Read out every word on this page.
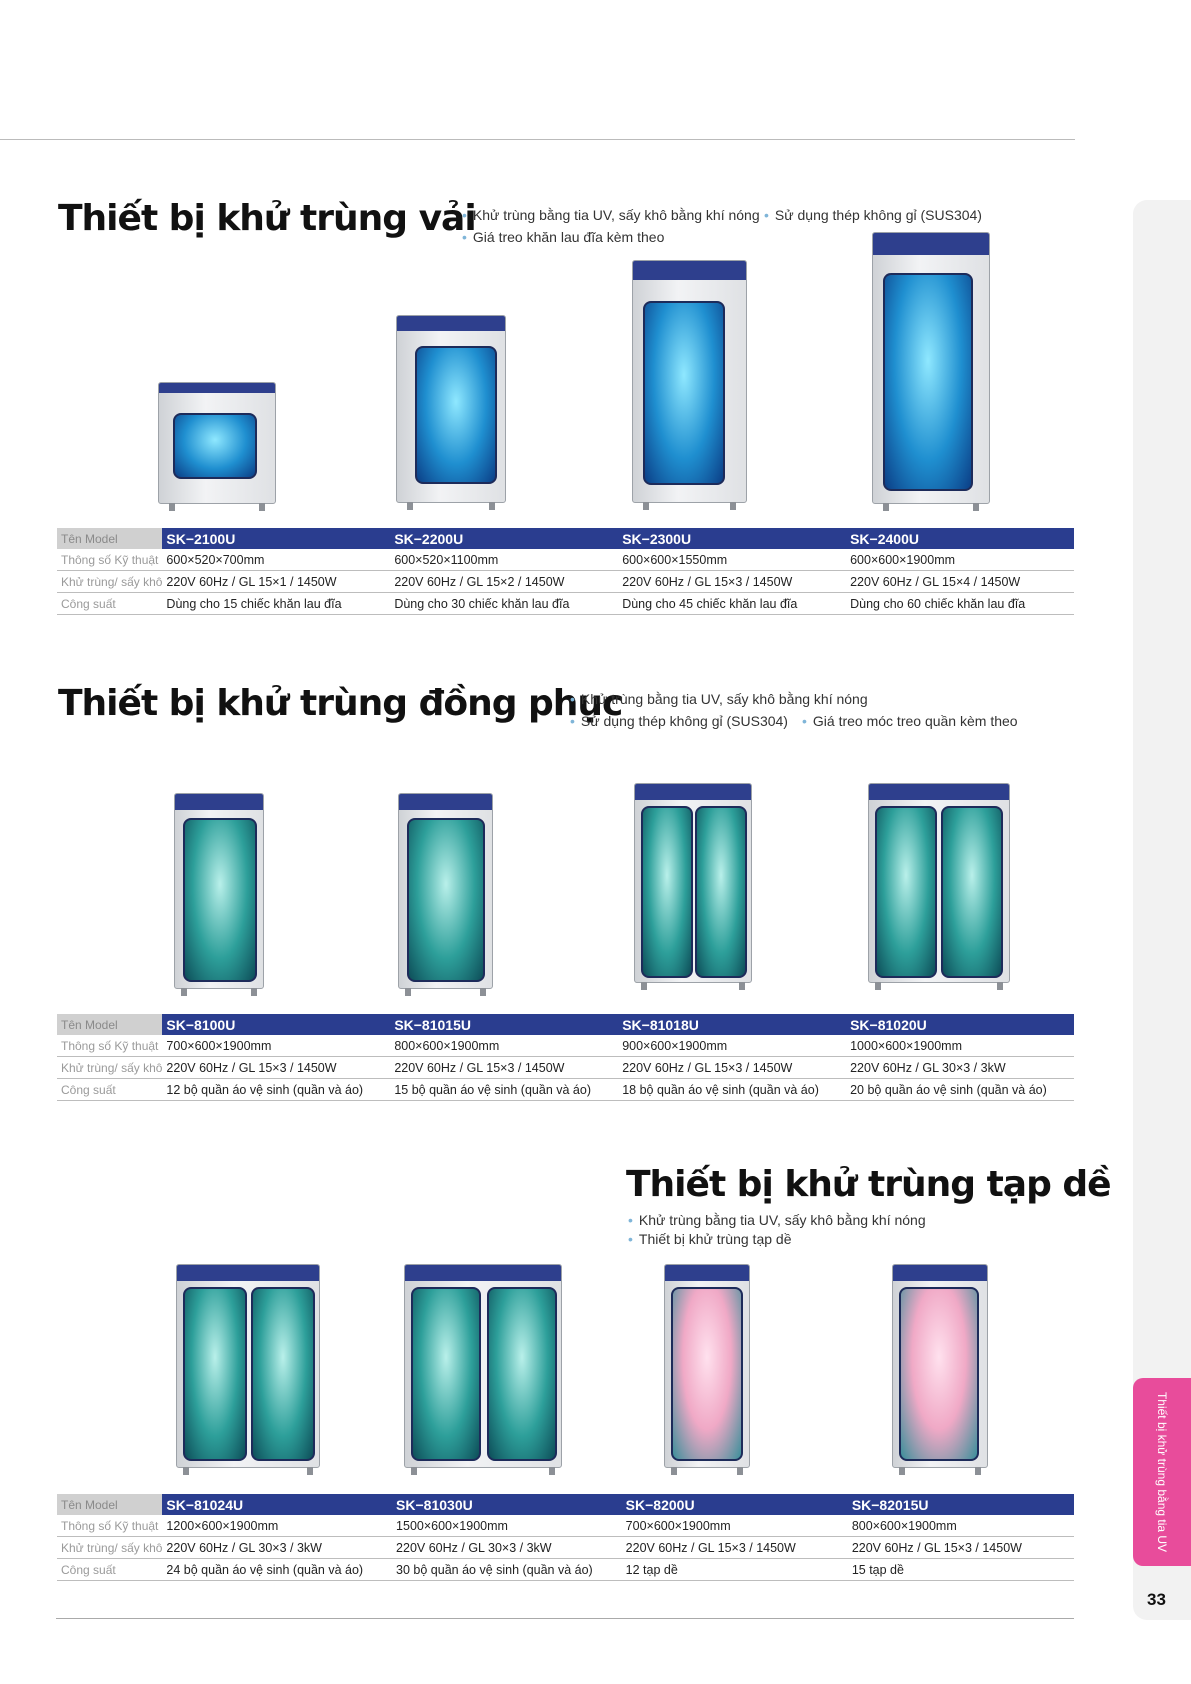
Thiết bị khử trùng vải
• Khử trùng bằng tia UV, sấy khô bằng khí nóng	• Sử dụng thép không gỉ (SUS304)
• Giá treo khăn lau đĩa kèm theo
Tên Model	SK−2100U	SK−2200U	SK−2300U	SK−2400U
Thông số Kỹ thuật	600×520×700mm	600×520×1100mm	600×600×1550mm	600×600×1900mm
Khử trùng/ sấy khô	220V 60Hz / GL 15×1 / 1450W	220V 60Hz / GL 15×2 / 1450W	220V 60Hz / GL 15×3 / 1450W	220V 60Hz / GL 15×4 / 1450W
Công suất	Dùng cho 15 chiếc khăn lau đĩa	Dùng cho 30 chiếc khăn lau đĩa	Dùng cho 45 chiếc khăn lau đĩa	Dùng cho 60 chiếc khăn lau đĩa
Thiết bị khử trùng đồng phục
• Khử trùng bằng tia UV, sấy khô bằng khí nóng
• Sử dụng thép không gỉ (SUS304)	• Giá treo móc treo quần kèm theo
Tên Model	SK−8100U	SK−81015U	SK−81018U	SK−81020U
Thông số Kỹ thuật	700×600×1900mm	800×600×1900mm	900×600×1900mm	1000×600×1900mm
Khử trùng/ sấy khô	220V 60Hz / GL 15×3 / 1450W	220V 60Hz / GL 15×3 / 1450W	220V 60Hz / GL 15×3 / 1450W	220V 60Hz / GL 30×3 / 3kW
Công suất	12 bộ quần áo vệ sinh (quần và áo)	15 bộ quần áo vệ sinh (quần và áo)	18 bộ quần áo vệ sinh (quần và áo)	20 bộ quần áo vệ sinh (quần và áo)
Thiết bị khử trùng tạp dề
• Khử trùng bằng tia UV, sấy khô bằng khí nóng
• Thiết bị khử trùng tạp dề
Tên Model	SK−81024U	SK−81030U	SK−8200U	SK−82015U
Thông số Kỹ thuật	1200×600×1900mm	1500×600×1900mm	700×600×1900mm	800×600×1900mm
Khử trùng/ sấy khô	220V 60Hz / GL 30×3 / 3kW	220V 60Hz / GL 30×3 / 3kW	220V 60Hz / GL 15×3 / 1450W	220V 60Hz / GL 15×3 / 1450W
Công suất	24 bộ quần áo vệ sinh (quần và áo)	30 bộ quần áo vệ sinh (quần và áo)	12 tạp dề	15 tạp dề
Thiết bị khử trùng bằng tia UV
33
